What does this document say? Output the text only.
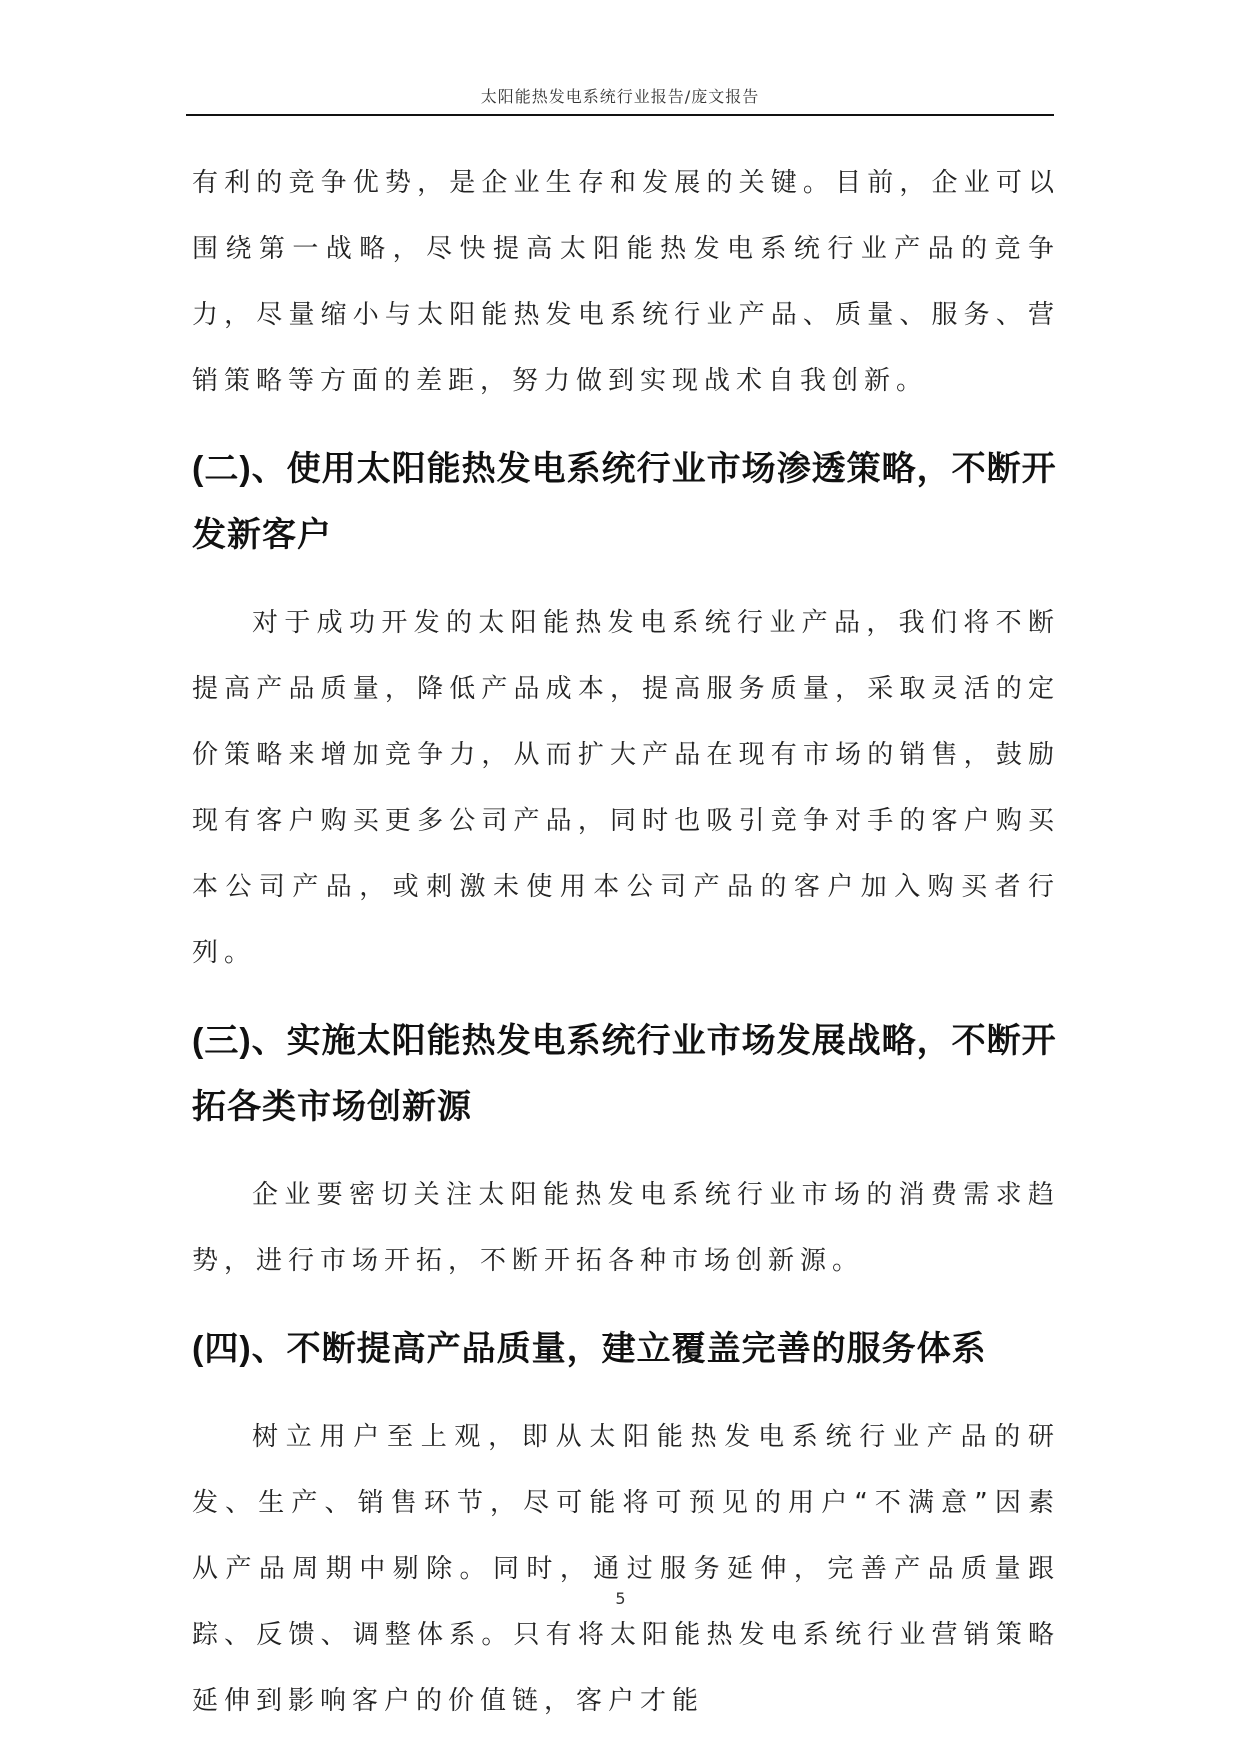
太阳能热发电系统行业报告/庞文报告

有利的竞争优势，是企业生存和发展的关键。目前，企业可以围绕第一战略，尽快提高太阳能热发电系统行业产品的竞争力，尽量缩小与太阳能热发电系统行业产品、质量、服务、营销策略等方面的差距，努力做到实现战术自我创新。

(二)、使用太阳能热发电系统行业市场渗透策略，不断开发新客户

对于成功开发的太阳能热发电系统行业产品，我们将不断提高产品质量，降低产品成本，提高服务质量，采取灵活的定价策略来增加竞争力，从而扩大产品在现有市场的销售，鼓励现有客户购买更多公司产品，同时也吸引竞争对手的客户购买本公司产品，或刺激未使用本公司产品的客户加入购买者行列。

(三)、实施太阳能热发电系统行业市场发展战略，不断开拓各类市场创新源

企业要密切关注太阳能热发电系统行业市场的消费需求趋势，进行市场开拓，不断开拓各种市场创新源。

(四)、不断提高产品质量，建立覆盖完善的服务体系

树立用户至上观，即从太阳能热发电系统行业产品的研发、生产、销售环节，尽可能将可预见的用户“不满意”因素从产品周期中剔除。同时，通过服务延伸，完善产品质量跟踪、反馈、调整体系。只有将太阳能热发电系统行业营销策略延伸到影响客户的价值链，客户才能

5
